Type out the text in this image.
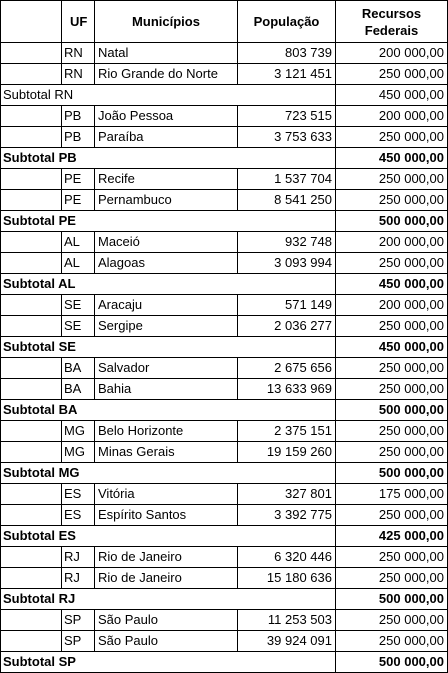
	UF	Municípios	População	Recursos Federais
	RN	Natal	803 739	200 000,00
	RN	Rio Grande do Norte	3 121 451	250 000,00
Subtotal RN				450 000,00
	PB	João Pessoa	723 515	200 000,00
	PB	Paraíba	3 753 633	250 000,00
Subtotal PB				450 000,00
	PE	Recife	1 537 704	250 000,00
	PE	Pernambuco	8 541 250	250 000,00
Subtotal PE				500 000,00
	AL	Maceió	932 748	200 000,00
	AL	Alagoas	3 093 994	250 000,00
Subtotal AL				450 000,00
	SE	Aracaju	571 149	200 000,00
	SE	Sergipe	2 036 277	250 000,00
Subtotal SE				450 000,00
	BA	Salvador	2 675 656	250 000,00
	BA	Bahia	13 633 969	250 000,00
Subtotal BA				500 000,00
	MG	Belo Horizonte	2 375 151	250 000,00
	MG	Minas Gerais	19 159 260	250 000,00
Subtotal MG				500 000,00
	ES	Vitória	327 801	175 000,00
	ES	Espírito Santos	3 392 775	250 000,00
Subtotal ES				425 000,00
	RJ	Rio de Janeiro	6 320 446	250 000,00
	RJ	Rio de Janeiro	15 180 636	250 000,00
Subtotal RJ				500 000,00
	SP	São Paulo	11 253 503	250 000,00
	SP	São Paulo	39 924 091	250 000,00
Subtotal SP				500 000,00
